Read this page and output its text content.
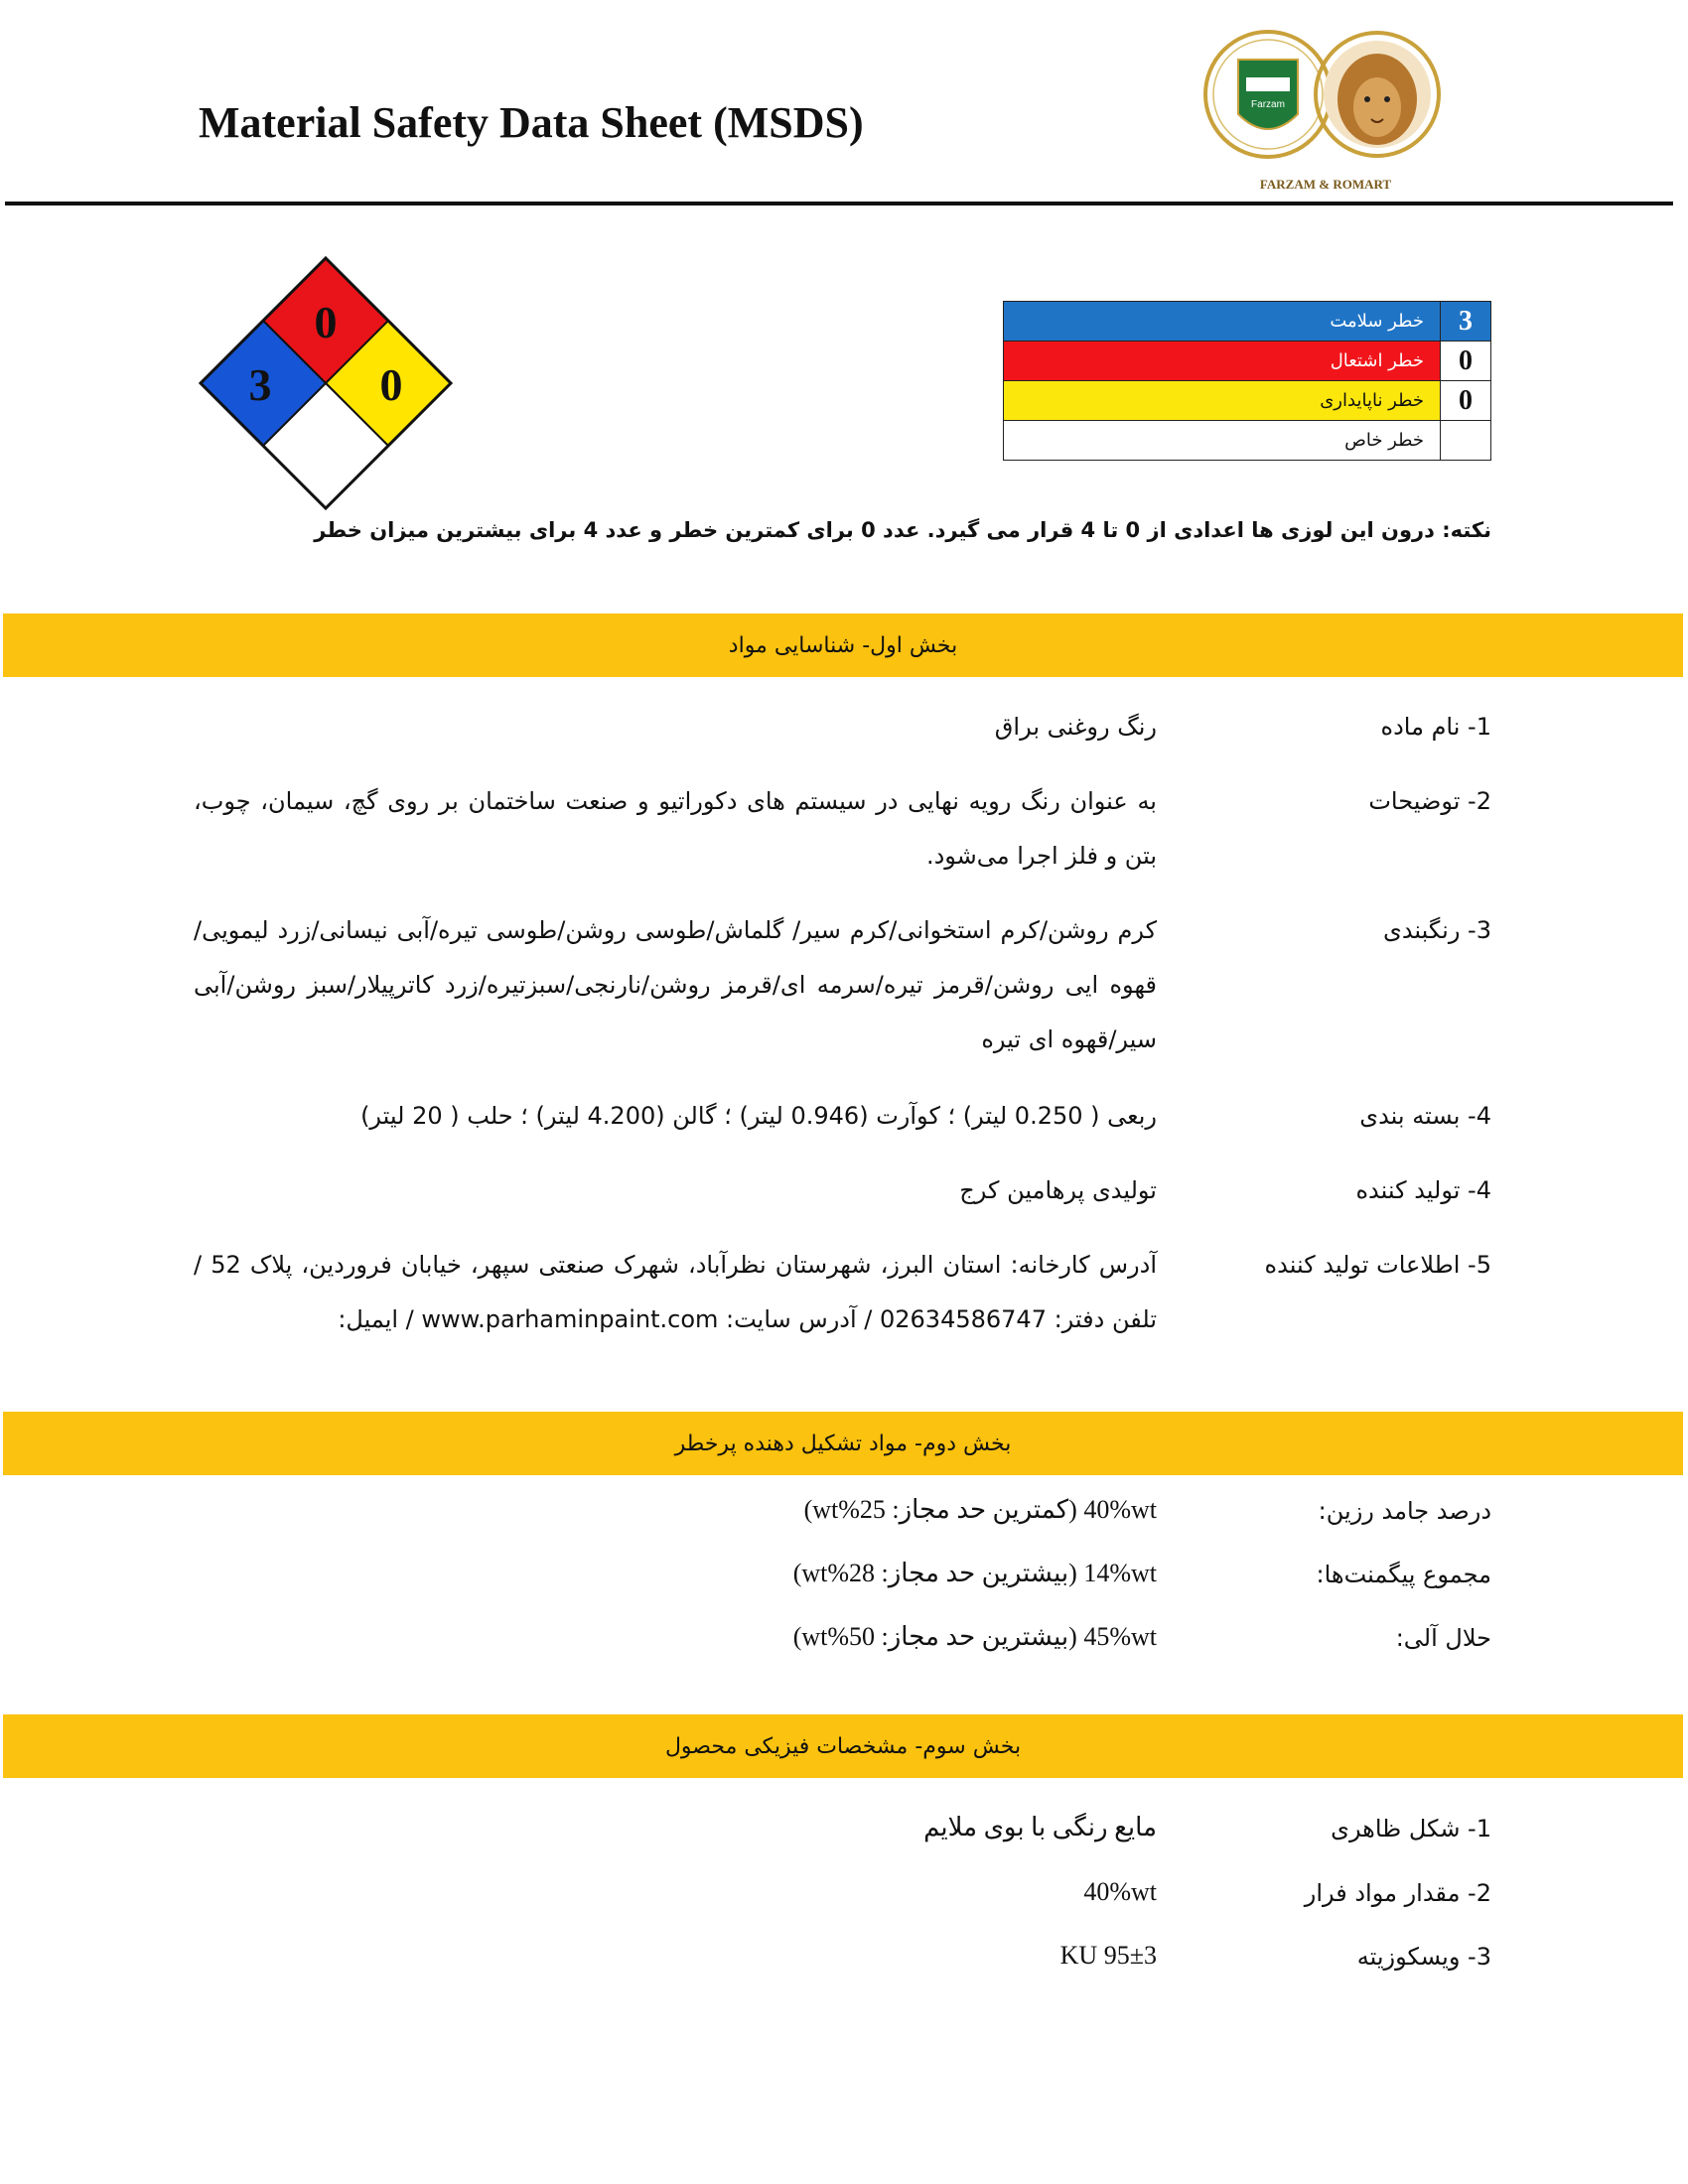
Material Safety Data Sheet (MSDS)	Farzam
FARZAM & ROMART
0
3 0
خطر سلامت	3
خطر اشتعال	0
خطر ناپایداری	0
خطر خاص	
نکته: درون این لوزی ها اعدادی از 0 تا 4 قرار می گیرد. عدد 0 برای کمترین خطر و عدد 4 برای بیشترین میزان خطر
بخش اول- شناسایی مواد
1- نام ماده
رنگ روغنی براق
2- توضیحات
به عنوان رنگ رویه نهایی در سیستم های دکوراتیو و صنعت ساختمان بر روی گچ، سیمان، چوب، بتن و فلز اجرا می‌شود.
3- رنگبندی
کرم روشن/کرم استخوانی/کرم سیر/ گلماش/طوسی روشن/طوسی تیره/آبی نیسانی/زرد لیمویی/ قهوه ایی روشن/قرمز تیره/سرمه ای/قرمز روشن/نارنجی/سبزتیره/زرد کاترپیلار/سبز روشن/آبی سیر/قهوه ای تیره
4- بسته بندی
ربعی ( 0.250 لیتر) ؛ کوآرت (0.946 لیتر) ؛ گالن (4.200 لیتر) ؛ حلب ( 20 لیتر)
4- تولید کننده
تولیدی پرهامین کرج
5- اطلاعات تولید کننده
آدرس کارخانه: استان البرز، شهرستان نظرآباد، شهرک صنعتی سپهر، خیابان فروردین، پلاک 52 / تلفن دفتر: 02634586747 / آدرس سایت: www.parhaminpaint.com / ایمیل:
بخش دوم- مواد تشکیل دهنده پرخطر
درصد جامد رزین:
40%wt (کمترین حد مجاز: 25%wt)
مجموع پیگمنت‌ها:
14%wt (بیشترین حد مجاز: 28%wt)
حلال آلی:
45%wt (بیشترین حد مجاز: 50%wt)
بخش سوم- مشخصات فیزیکی محصول
1- شکل ظاهری
مایع رنگی با بوی ملایم
2- مقدار مواد فرار
40%wt
3- ویسکوزیته
95±3 KU
